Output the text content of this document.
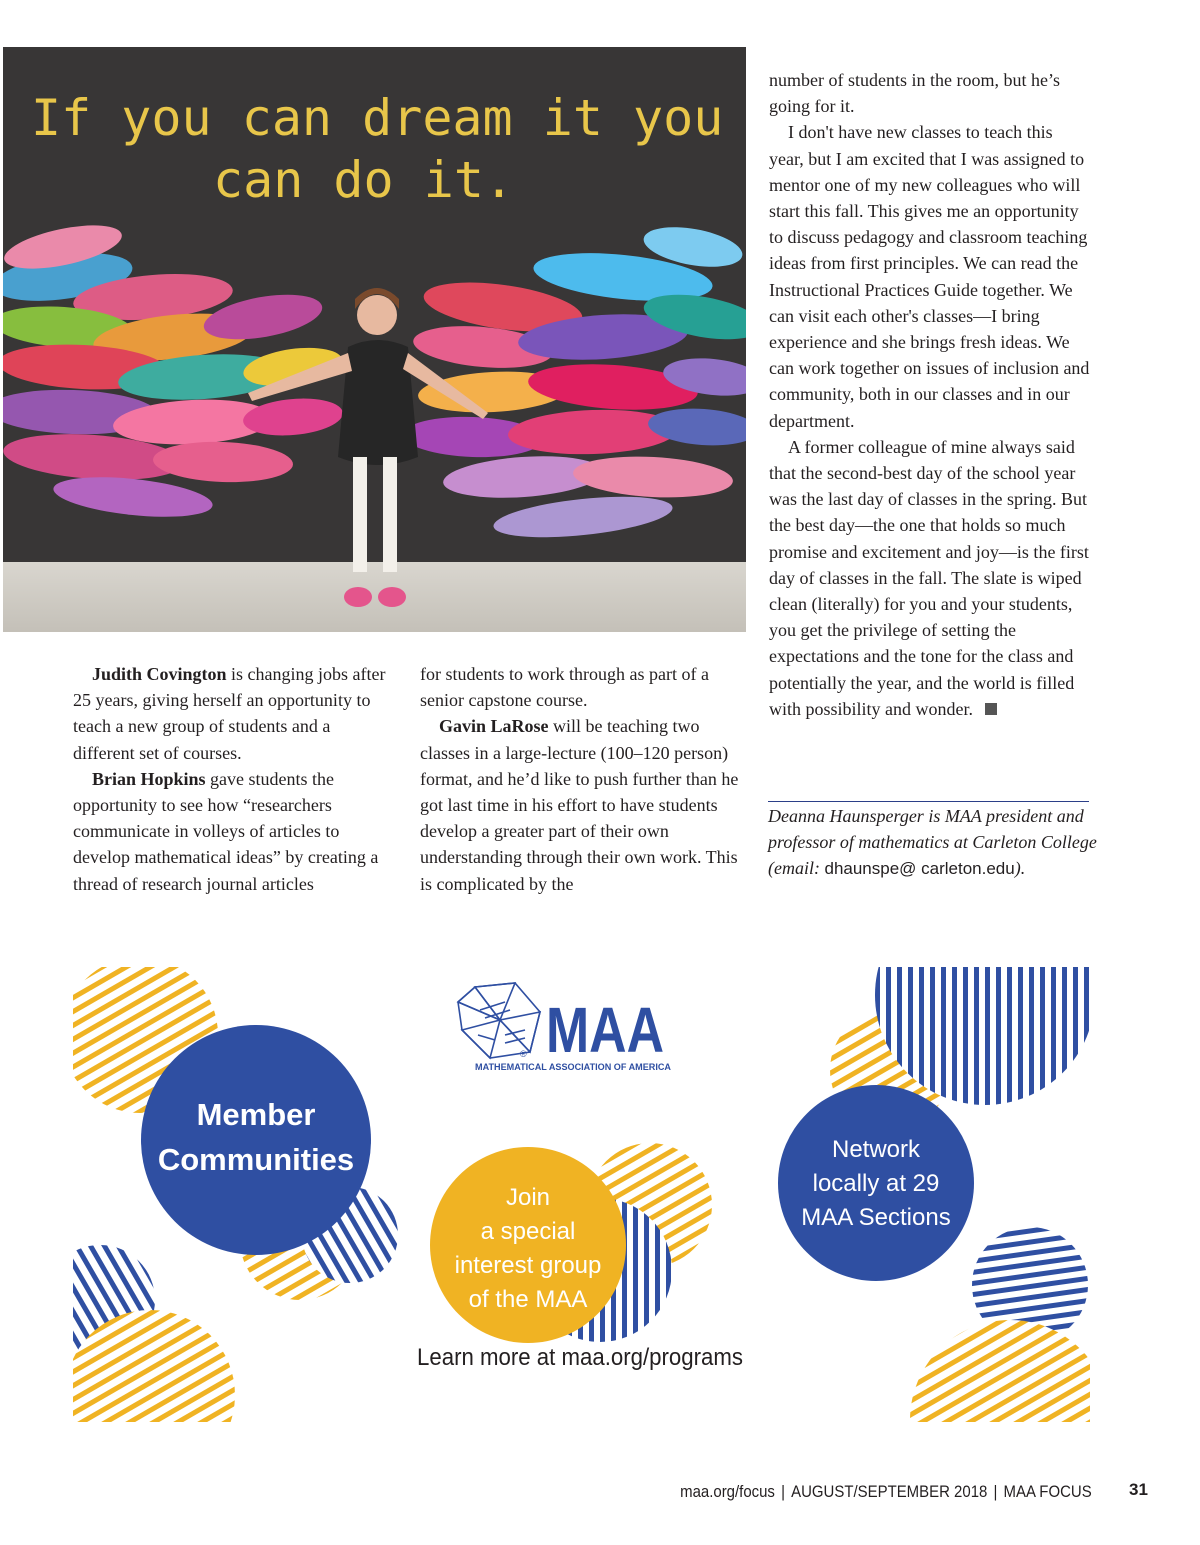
If you can dream it you
can do it.

Judith Covington is changing jobs after 25 years, giving herself an opportunity to teach a new group of students and a different set of courses.

Brian Hopkins gave students the opportunity to see how “researchers communicate in volleys of articles to develop mathematical ideas” by creating a thread of research journal articles

for students to work through as part of a senior capstone course.

Gavin LaRose will be teaching two classes in a large-lecture (100–120 person) format, and he’d like to push further than he got last time in his effort to have students develop a greater part of their own understanding through their own work. This is complicated by the

number of students in the room, but he’s going for it.

I don't have new classes to teach this year, but I am excited that I was assigned to mentor one of my new colleagues who will start this fall. This gives me an opportunity to discuss pedagogy and classroom teaching ideas from first principles. We can read the Instructional Practices Guide together. We can visit each other's classes—I bring experience and she brings fresh ideas. We can work together on issues of inclusion and community, both in our classes and in our department.

A former colleague of mine always said that the second-best day of the school year was the last day of classes in the spring. But the best day—the one that holds so much promise and excitement and joy—is the first day of classes in the fall. The slate is wiped clean (literally) for you and your students, you get the privilege of setting the expectations and the tone for the class and potentially the year, and the world is filled with possibility and wonder.

Deanna Haunsperger is MAA president and professor of mathematics at Carleton College (email: dhaunspe@ carleton.edu).
Member
Communities
Join
a special
interest group
of the MAA
Network
locally at 29
MAA Sections
® MAA
MATHEMATICAL ASSOCIATION OF AMERICA
Learn more at maa.org/programs
maa.org/focus | AUGUST/SEPTEMBER 2018 | MAA FOCUS 31
